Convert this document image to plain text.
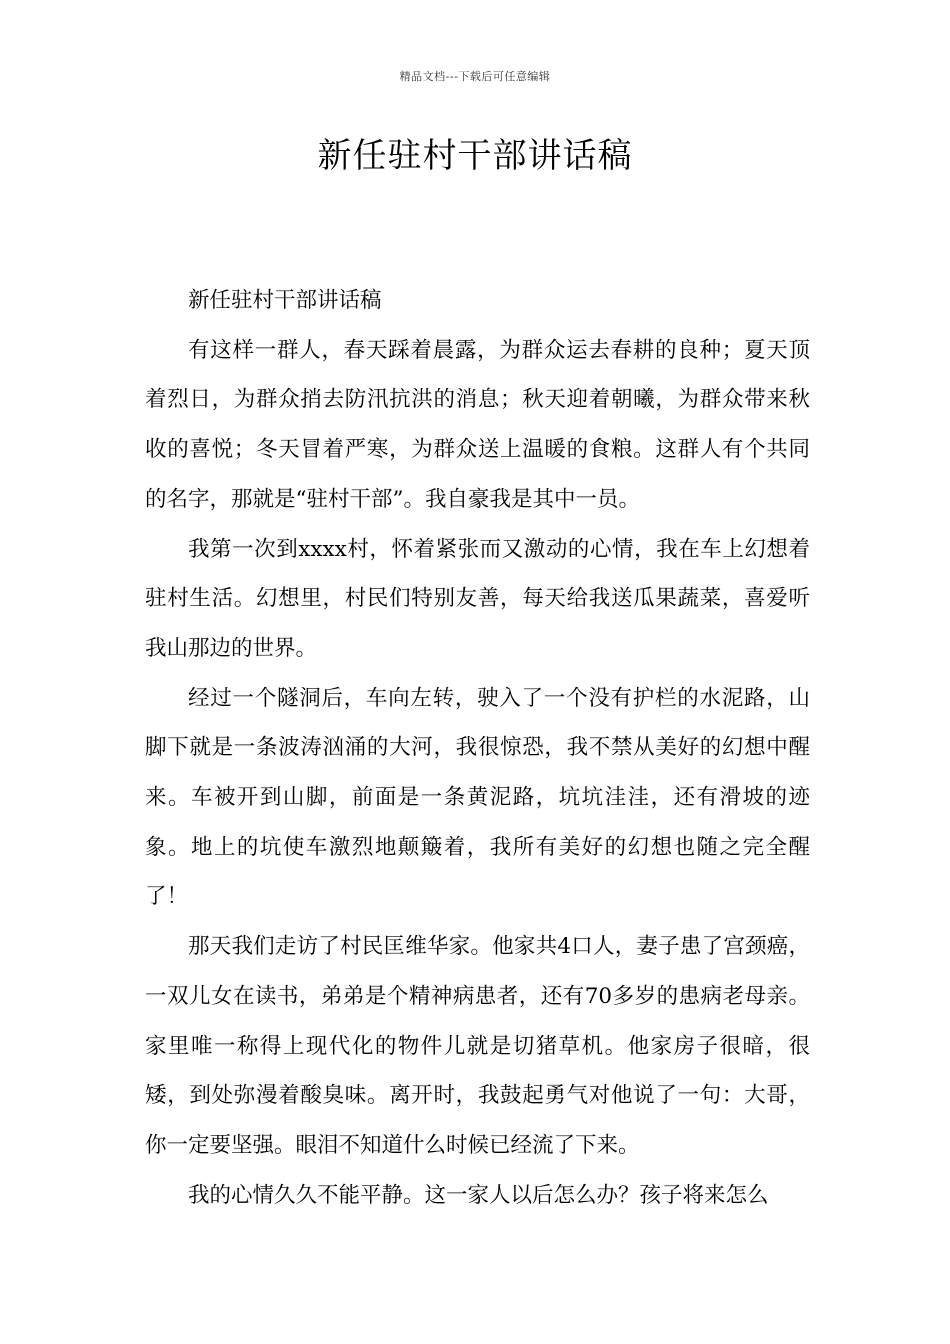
精品文档---下载后可任意编辑
新任驻村干部讲话稿

新任驻村干部讲话稿

有这样一群人，春天踩着晨露，为群众运去春耕的良种；夏天顶着烈日，为群众捎去防汛抗洪的消息；秋天迎着朝曦，为群众带来秋收的喜悦；冬天冒着严寒，为群众送上温暖的食粮。这群人有个共同的名字，那就是“驻村干部”。我自豪我是其中一员。

我第一次到xxxx村，怀着紧张而又激动的心情，我在车上幻想着驻村生活。幻想里，村民们特别友善，每天给我送瓜果蔬菜，喜爱听我山那边的世界。

经过一个隧洞后，车向左转，驶入了一个没有护栏的水泥路，山脚下就是一条波涛汹涌的大河，我很惊恐，我不禁从美好的幻想中醒来。车被开到山脚，前面是一条黄泥路，坑坑洼洼，还有滑坡的迹象。地上的坑使车激烈地颠簸着，我所有美好的幻想也随之完全醒了！

那天我们走访了村民匡维华家。他家共4口人，妻子患了宫颈癌，一双儿女在读书，弟弟是个精神病患者，还有70多岁的患病老母亲。家里唯一称得上现代化的物件儿就是切猪草机。他家房子很暗，很矮，到处弥漫着酸臭味。离开时，我鼓起勇气对他说了一句：大哥，你一定要坚强。眼泪不知道什么时候已经流了下来。

我的心情久久不能平静。这一家人以后怎么办？孩子将来怎么
